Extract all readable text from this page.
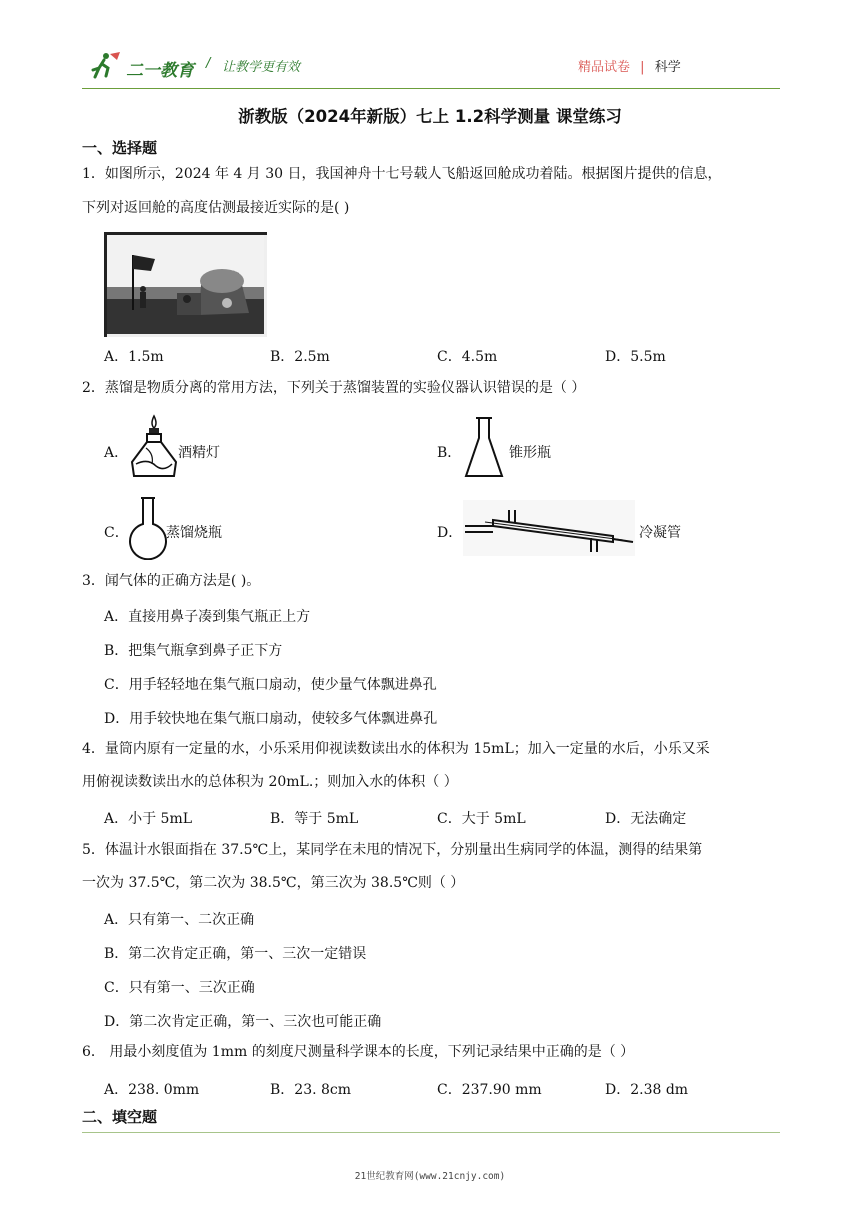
二一教育 / 让教学更有效	精品试卷 | 科学
浙教版（2024年新版）七上 1.2科学测量 课堂练习
一、选择题
1．如图所示，2024 年 4 月 30 日，我国神舟十七号载人飞船返回舱成功着陆。根据图片提供的信息，
下列对返回舱的高度估测最接近实际的是( )
A．1.5m	B．2.5m	C．4.5m	D．5.5m
2．蒸馏是物质分离的常用方法，下列关于蒸馏装置的实验仪器认识错误的是（ ）
A．	酒精灯	B．	锥形瓶
C．	蒸馏烧瓶	D．	冷凝管
3．闻气体的正确方法是( )。
A．直接用鼻子凑到集气瓶正上方
B．把集气瓶拿到鼻子正下方
C．用手轻轻地在集气瓶口扇动，使少量气体飘进鼻孔
D．用手较快地在集气瓶口扇动，使较多气体飘进鼻孔
4．量筒内原有一定量的水，小乐采用仰视读数读出水的体积为 15mL；加入一定量的水后，小乐又采
用俯视读数读出水的总体积为 20mL.；则加入水的体积（ ）
A．小于 5mL	B．等于 5mL	C．大于 5mL	D．无法确定
5．体温计水银面指在 37.5℃上，某同学在未甩的情况下，分别量出生病同学的体温，测得的结果第
一次为 37.5℃，第二次为 38.5℃，第三次为 38.5℃则（ ）
A．只有第一、二次正确
B．第二次肯定正确，第一、三次一定错误
C．只有第一、三次正确
D．第二次肯定正确，第一、三次也可能正确
6． 用最小刻度值为 1mm 的刻度尺测量科学课本的长度，下列记录结果中正确的是（ ）
A．238. 0mm	B．23. 8cm	C．237.90 mm	D．2.38 dm
二、填空题
21世纪教育网(www.21cnjy.com)
